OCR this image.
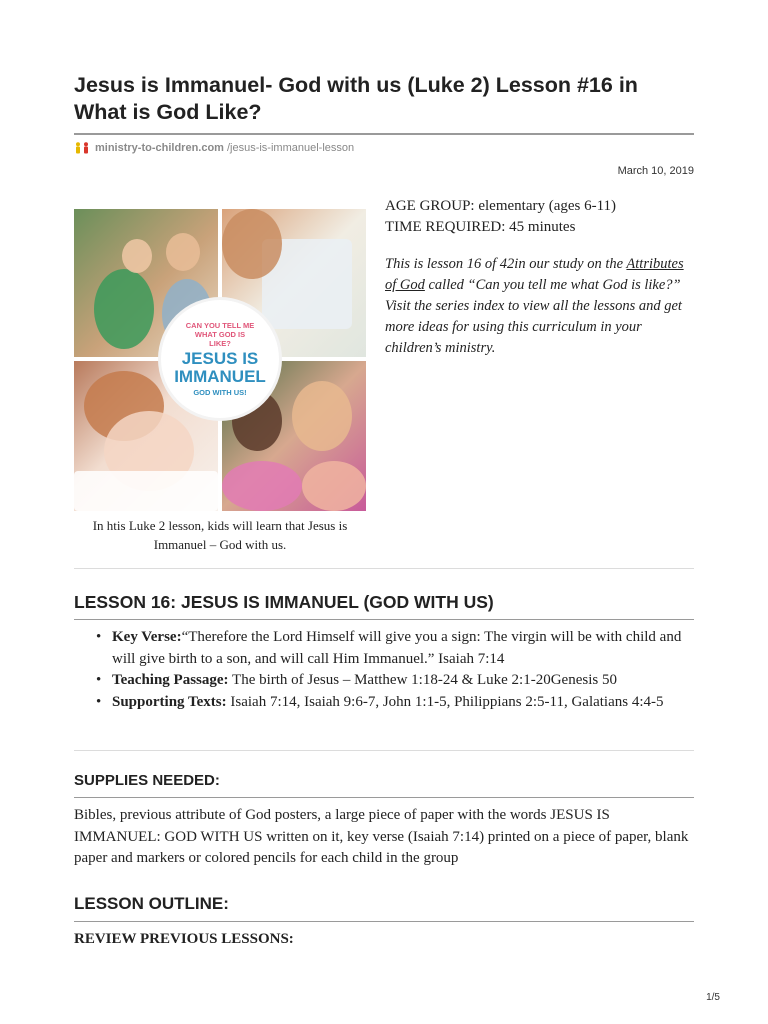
Jesus is Immanuel- God with us (Luke 2) Lesson #16 in What is God Like?
ministry-to-children.com /jesus-is-immanuel-lesson
March 10, 2019
CAN YOU TELL ME WHAT GOD IS LIKE?
JESUS IS
IMMANUEL
GOD WITH US!
In htis Luke 2 lesson, kids will learn that Jesus is Immanuel – God with us.
AGE GROUP: elementary (ages 6-11)
TIME REQUIRED: 45 minutes

This is lesson 16 of 42in our study on the Attributes of God called “Can you tell me what God is like?” Visit the series index to view all the lessons and get more ideas for using this curriculum in your children’s ministry.

LESSON 16: JESUS IS IMMANUEL (GOD WITH US)
• Key Verse:“Therefore the Lord Himself will give you a sign: The virgin will be with child and will give birth to a son, and will call Him Immanuel.” Isaiah 7:14
• Teaching Passage: The birth of Jesus – Matthew 1:18-24 & Luke 2:1-20Genesis 50
• Supporting Texts: Isaiah 7:14, Isaiah 9:6-7, John 1:1-5, Philippians 2:5-11, Galatians 4:4-5
SUPPLIES NEEDED:

Bibles, previous attribute of God posters, a large piece of paper with the words JESUS IS IMMANUEL: GOD WITH US written on it, key verse (Isaiah 7:14) printed on a piece of paper, blank paper and markers or colored pencils for each child in the group

LESSON OUTLINE:

REVIEW PREVIOUS LESSONS:

1/5
